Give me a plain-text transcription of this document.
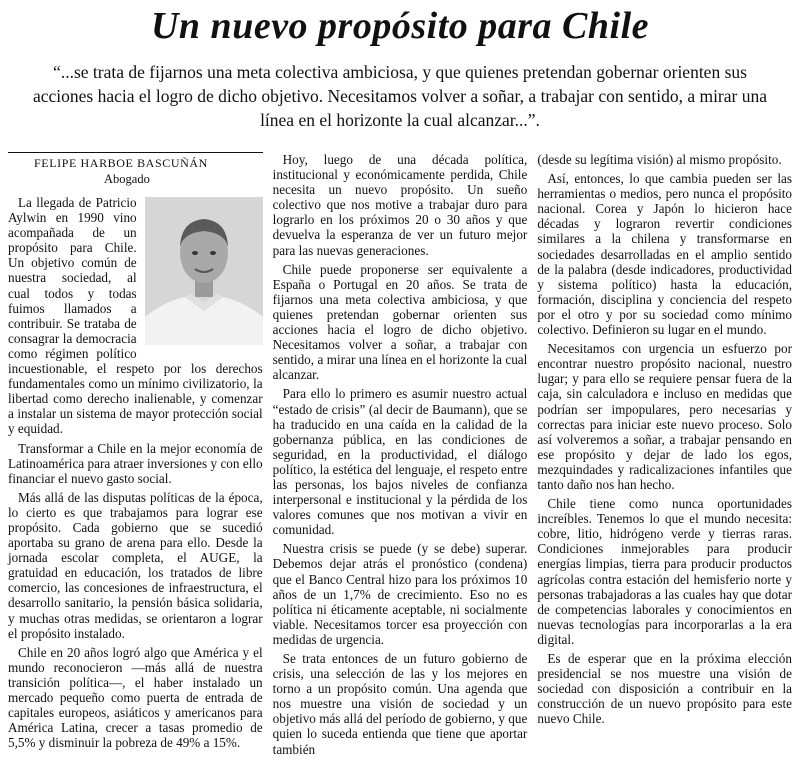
Un nuevo propósito para Chile

“...se trata de fijarnos una meta colectiva ambiciosa, y que quienes pretendan gobernar orienten sus acciones hacia el logro de dicho objetivo. Necesitamos volver a soñar, a trabajar con sentido, a mirar una línea en el horizonte la cual alcanzar...”.

FELIPE HARBOE BASCUÑÁN
Abogado

La llegada de Patricio Aylwin en 1990 vino acompañada de un propósito para Chile. Un objetivo común de nuestra sociedad, al cual todos y todas fuimos llamados a contribuir. Se trataba de consagrar la democracia como régimen político incuestionable, el respeto por los derechos fundamentales como un mínimo civilizatorio, la libertad como derecho inalienable, y comenzar a instalar un sistema de mayor protección social y equidad.

Transformar a Chile en la mejor economía de Latinoamérica para atraer inversiones y con ello financiar el nuevo gasto social.

Más allá de las disputas políticas de la época, lo cierto es que trabajamos para lograr ese propósito. Cada gobierno que se sucedió aportaba su grano de arena para ello. Desde la jornada escolar completa, el AUGE, la gratuidad en educación, los tratados de libre comercio, las concesiones de infraestructura, el desarrollo sanitario, la pensión básica solidaria, y muchas otras medidas, se orientaron a lograr el propósito instalado.

Chile en 20 años logró algo que América y el mundo reconocieron —más allá de nuestra transición política—, el haber instalado un mercado pequeño como puerta de entrada de capitales europeos, asiáticos y americanos para América Latina, crecer a tasas promedio de 5,5% y disminuir la pobreza de 49% a 15%.

Hoy, luego de una década política, institucional y económicamente perdida, Chile necesita un nuevo propósito. Un sueño colectivo que nos motive a trabajar duro para lograrlo en los próximos 20 o 30 años y que devuelva la esperanza de ver un futuro mejor para las nuevas generaciones.

Chile puede proponerse ser equivalente a España o Portugal en 20 años. Se trata de fijarnos una meta colectiva ambiciosa, y que quienes pretendan gobernar orienten sus acciones hacia el logro de dicho objetivo. Necesitamos volver a soñar, a trabajar con sentido, a mirar una línea en el horizonte la cual alcanzar.

Para ello lo primero es asumir nuestro actual “estado de crisis” (al decir de Baumann), que se ha traducido en una caída en la calidad de la gobernanza pública, en las condiciones de seguridad, en la productividad, el diálogo político, la estética del lenguaje, el respeto entre las personas, los bajos niveles de confianza interpersonal e institucional y la pérdida de los valores comunes que nos motivan a vivir en comunidad.

Nuestra crisis se puede (y se debe) superar. Debemos dejar atrás el pronóstico (condena) que el Banco Central hizo para los próximos 10 años de un 1,7% de crecimiento. Eso no es política ni éticamente aceptable, ni socialmente viable. Necesitamos torcer esa proyección con medidas de urgencia.

Se trata entonces de un futuro gobierno de crisis, una selección de las y los mejores en torno a un propósito común. Una agenda que nos muestre una visión de sociedad y un objetivo más allá del período de gobierno, y que quien lo suceda entienda que tiene que aportar también

(desde su legítima visión) al mismo propósito.

Así, entonces, lo que cambia pueden ser las herramientas o medios, pero nunca el propósito nacional. Corea y Japón lo hicieron hace décadas y lograron revertir condiciones similares a la chilena y transformarse en sociedades desarrolladas en el amplio sentido de la palabra (desde indicadores, productividad y sistema político) hasta la educación, formación, disciplina y conciencia del respeto por el otro y por su sociedad como mínimo colectivo. Definieron su lugar en el mundo.

Necesitamos con urgencia un esfuerzo por encontrar nuestro propósito nacional, nuestro lugar; y para ello se requiere pensar fuera de la caja, sin calculadora e incluso en medidas que podrían ser impopulares, pero necesarias y correctas para iniciar este nuevo proceso. Solo así volveremos a soñar, a trabajar pensando en ese propósito y dejar de lado los egos, mezquindades y radicalizaciones infantiles que tanto daño nos han hecho.

Chile tiene como nunca oportunidades increíbles. Tenemos lo que el mundo necesita: cobre, litio, hidrógeno verde y tierras raras. Condiciones inmejorables para producir energías limpias, tierra para producir productos agrícolas contra estación del hemisferio norte y personas trabajadoras a las cuales hay que dotar de competencias laborales y conocimientos en nuevas tecnologías para incorporarlas a la era digital.

Es de esperar que en la próxima elección presidencial se nos muestre una visión de sociedad con disposición a contribuir en la construcción de un nuevo propósito para este nuevo Chile.
